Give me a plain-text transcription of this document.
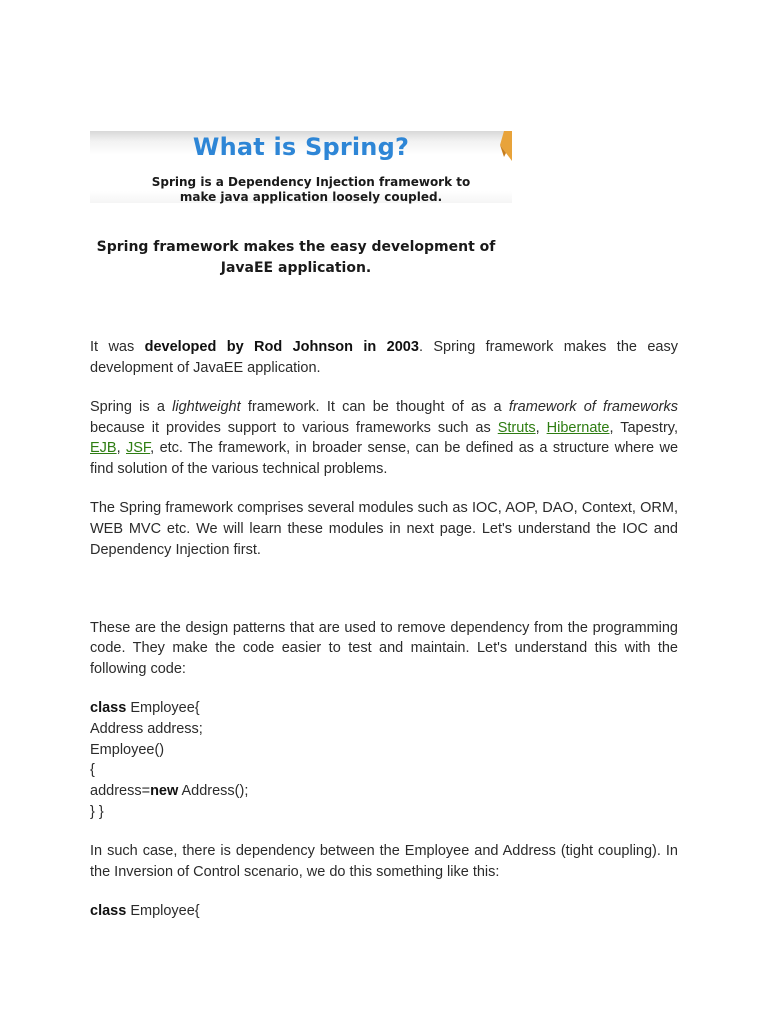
What is Spring?
Spring is a Dependency Injection framework to
make java application loosely coupled.
Spring framework makes the easy development of
JavaEE application.

It was developed by Rod Johnson in 2003. Spring framework makes the easy development of JavaEE application.

Spring is a lightweight framework. It can be thought of as a framework of frameworks because it provides support to various frameworks such as Struts, Hibernate, Tapestry, EJB, JSF, etc. The framework, in broader sense, can be defined as a structure where we find solution of the various technical problems.

The Spring framework comprises several modules such as IOC, AOP, DAO, Context, ORM, WEB MVC etc. We will learn these modules in next page. Let's understand the IOC and Dependency Injection first.

These are the design patterns that are used to remove dependency from the programming code. They make the code easier to test and maintain. Let's understand this with the following code:

class Employee{
Address address;
Employee()
{
address=new Address();
} }

In such case, there is dependency between the Employee and Address (tight coupling). In the Inversion of Control scenario, we do this something like this:

class Employee{
